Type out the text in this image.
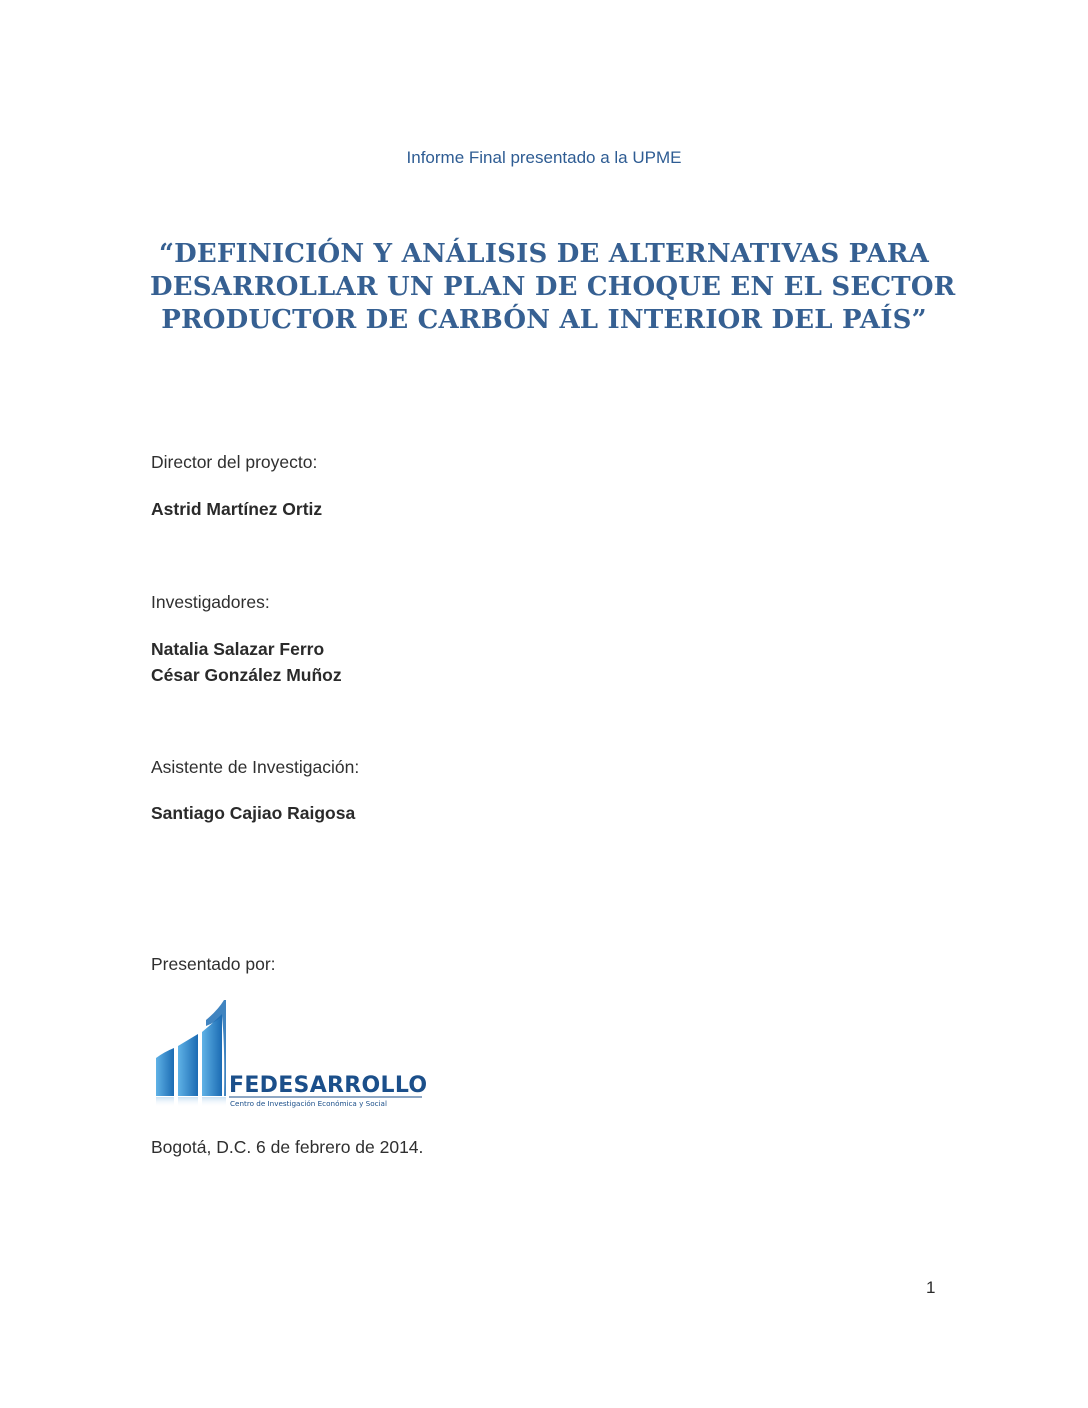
Informe Final presentado a la UPME
“DEFINICIÓN Y ANÁLISIS DE ALTERNATIVAS PARA
DESARROLLAR UN PLAN DE CHOQUE EN EL SECTOR
PRODUCTOR DE CARBÓN AL INTERIOR DEL PAÍS”
Director del proyecto:
Astrid Martínez Ortiz
Investigadores:
Natalia Salazar Ferro
César González Muñoz
Asistente de Investigación:
Santiago Cajiao Raigosa
Presentado por:
FEDESARROLLO
Centro de Investigación Económica y Social
Bogotá, D.C. 6 de febrero de 2014.
1
